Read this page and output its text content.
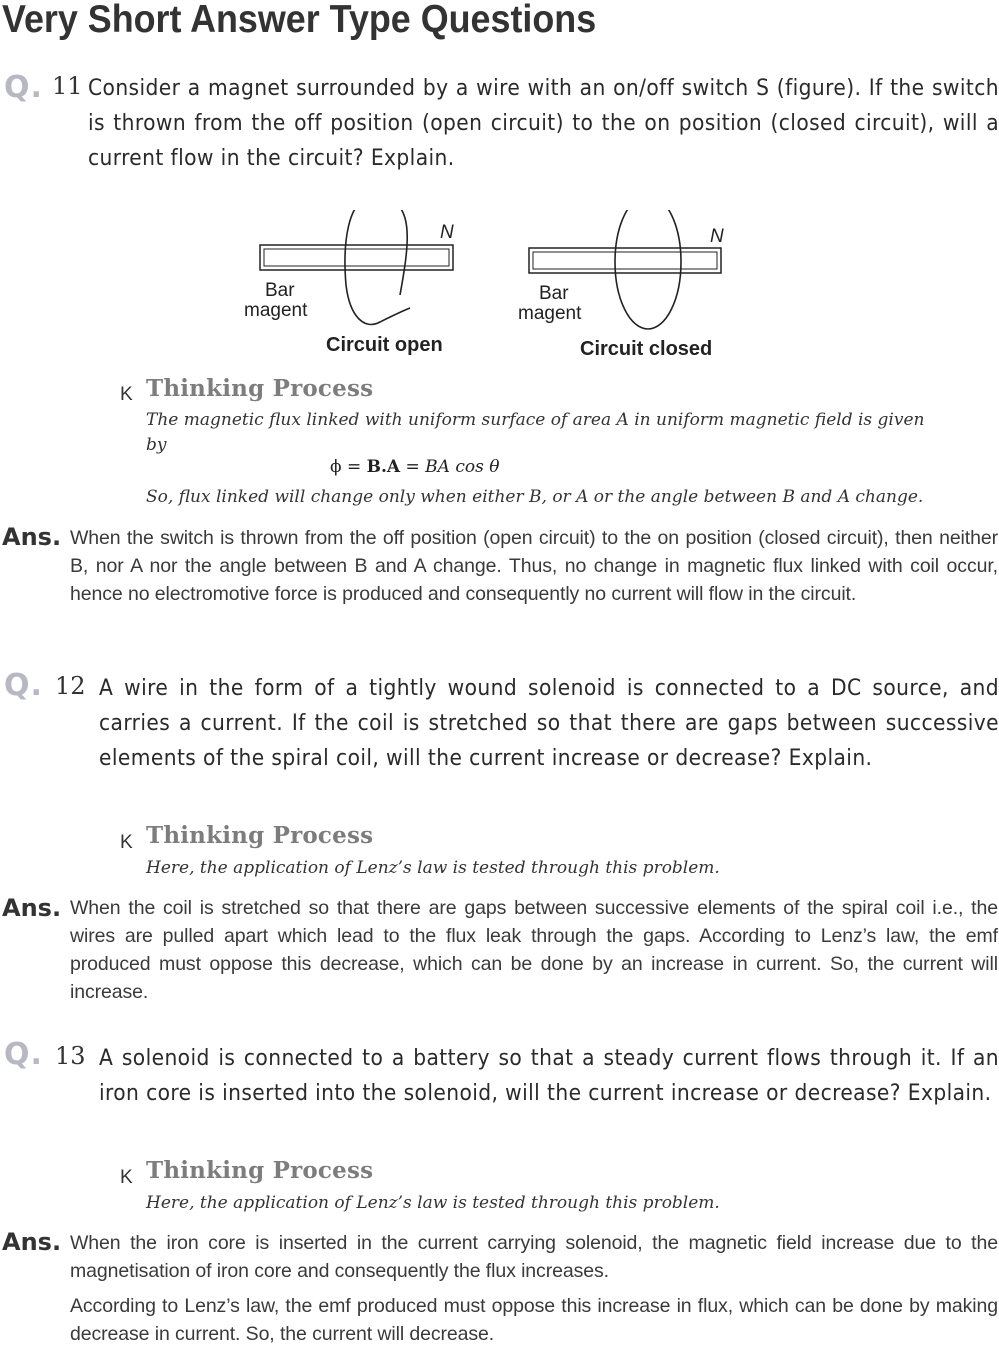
Very Short Answer Type Questions
Q. 11 Consider a magnet surrounded by a wire with an on/off switch S (figure). If the switch is thrown from the off position (open circuit) to the on position (closed circuit), will a current flow in the circuit? Explain.
N
Bar
magent
Circuit open
N
Bar
magent
Circuit closed
K Thinking Process
The magnetic flux linked with uniform surface of area A in uniform magnetic field is given by
ϕ = B.A = BA cos θ
So, flux linked will change only when either B, or A or the angle between B and A change.
Ans. When the switch is thrown from the off position (open circuit) to the on position (closed circuit), then neither B, nor A nor the angle between B and A change. Thus, no change in magnetic flux linked with coil occur, hence no electromotive force is produced and consequently no current will flow in the circuit.
Q. 12 A wire in the form of a tightly wound solenoid is connected to a DC source, and carries a current. If the coil is stretched so that there are gaps between successive elements of the spiral coil, will the current increase or decrease? Explain.
K Thinking Process
Here, the application of Lenz’s law is tested through this problem.
Ans. When the coil is stretched so that there are gaps between successive elements of the spiral coil i.e., the wires are pulled apart which lead to the flux leak through the gaps. According to Lenz’s law, the emf produced must oppose this decrease, which can be done by an increase in current. So, the current will increase.
Q. 13 A solenoid is connected to a battery so that a steady current flows through it. If an iron core is inserted into the solenoid, will the current increase or decrease? Explain.
K Thinking Process
Here, the application of Lenz’s law is tested through this problem.
Ans. When the iron core is inserted in the current carrying solenoid, the magnetic field increase due to the magnetisation of iron core and consequently the flux increases.
According to Lenz’s law, the emf produced must oppose this increase in flux, which can be done by making decrease in current. So, the current will decrease.
